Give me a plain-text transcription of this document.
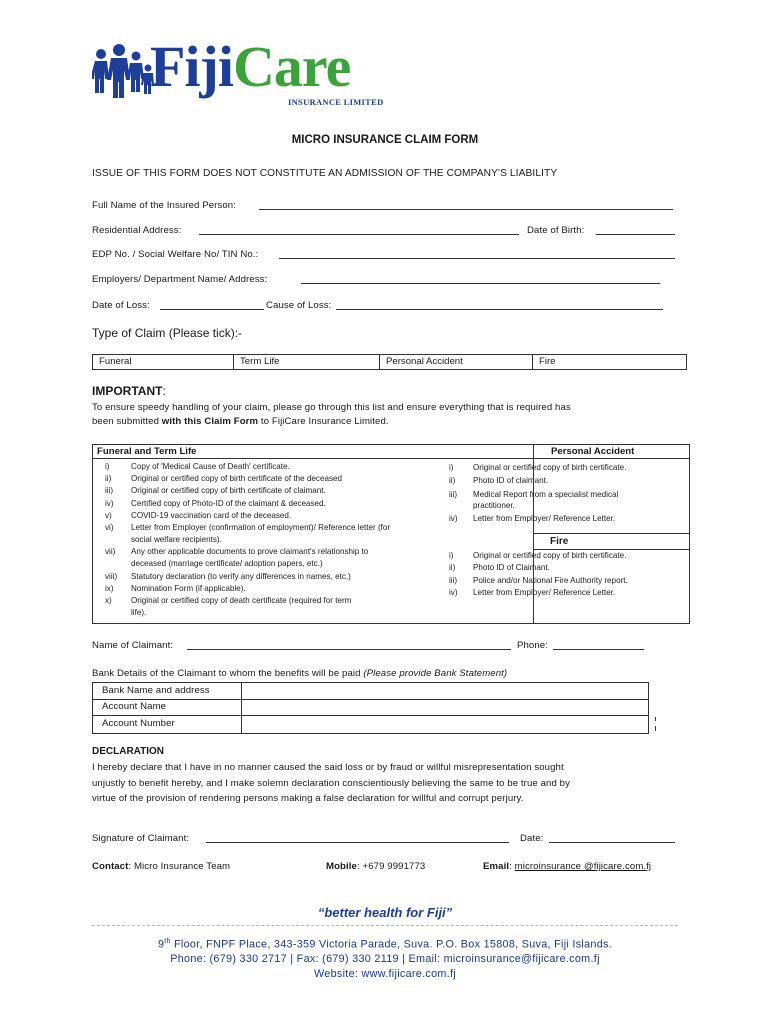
FijiCare
INSURANCE LIMITED
MICRO INSURANCE CLAIM FORM
ISSUE OF THIS FORM DOES NOT CONSTITUTE AN ADMISSION OF THE COMPANY'S LIABILITY
Full Name of the Insured Person:
Residential Address:	Date of Birth:
EDP No. / Social Welfare No/ TIN No.:
Employers/ Department Name/ Address:
Date of Loss:	Cause of Loss:
Type of Claim (Please tick):-
Funeral	Term Life	Personal Accident	Fire
IMPORTANT:
To ensure speedy handling of your claim, please go through this list and ensure everything that is required has
been submitted with this Claim Form to FijiCare Insurance Limited.
Funeral and Term Life	Personal Accident
Fire
i)	Copy of 'Medical Cause of Death' certificate.
ii)	Original or certified copy of birth certificate of the deceased
iii)	Original or certified copy of birth certificate of claimant.
iv)	Certified copy of Photo-ID of the claimant & deceased.
v)	COVID-19 vaccination card of the deceased.
vi)	Letter from Employer (confirmation of employment)/ Reference letter (for
social welfare recipients).
vii)	Any other applicable documents to prove claimant's relationship to
deceased (marriage certificate/ adoption papers, etc.)
viii)	Statutory declaration (to verify any differences in names, etc.)
ix)	Nomination Form (if applicable).
x)	Original or certified copy of death certificate (required for term
life).
i)	Original or certified copy of birth certificate.
ii)	Photo ID of claimant.
iii)	Medical Report from a specialist medical
practitioner.
iv)	Letter from Employer/ Reference Letter.
i)	Original or certified copy of birth certificate.
ii)	Photo ID of Claimant.
iii)	Police and/or National Fire Authority report.
iv)	Letter from Employer/ Reference Letter.
Name of Claimant:	Phone:
Bank Details of the Claimant to whom the benefits will be paid (Please provide Bank Statement)
Bank Name and address
Account Name
Account Number
DECLARATION
I hereby declare that I have in no manner caused the said loss or by fraud or willful misrepresentation sought
unjustly to benefit hereby, and I make solemn declaration conscientiously believing the same to be true and by
virtue of the provision of rendering persons making a false declaration for willful and corrupt perjury.
Signature of Claimant:	Date:
Contact: Micro Insurance Team	Mobile: +679 9991773	Email: microinsurance @fijicare.com.fj
“better health for Fiji”
9th Floor, FNPF Place, 343-359 Victoria Parade, Suva. P.O. Box 15808, Suva, Fiji Islands.
Phone: (679) 330 2717 | Fax: (679) 330 2119 | Email: microinsurance@fijicare.com.fj
Website: www.fijicare.com.fj
